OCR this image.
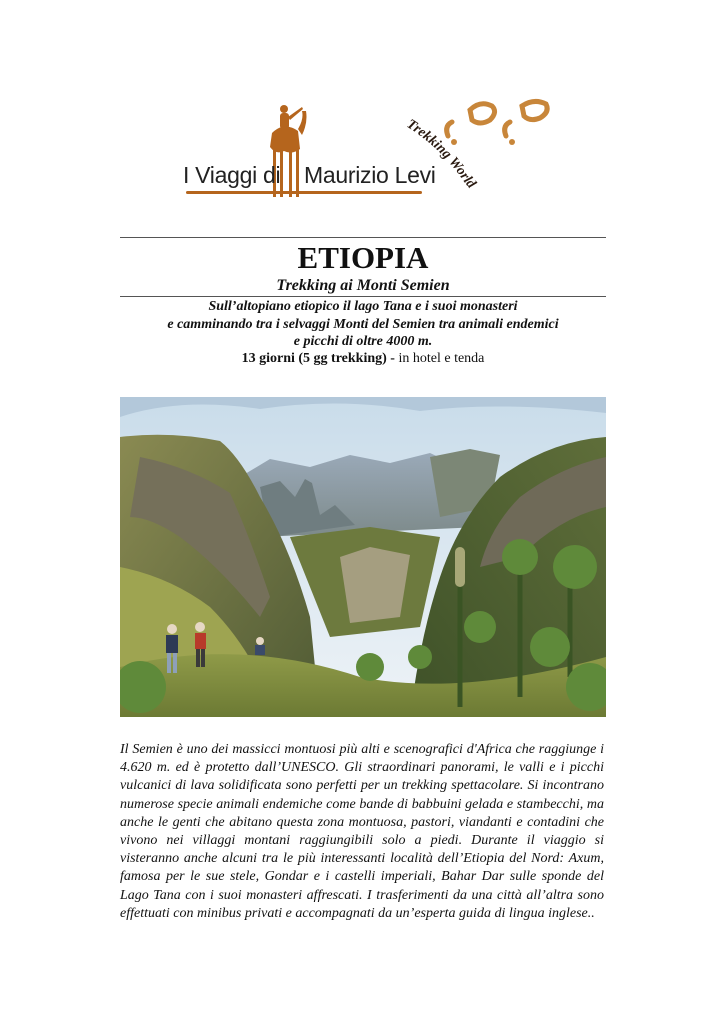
I Viaggi di Maurizio Levi
Trekking World
ETIOPIA
Trekking ai Monti Semien
Sull’altopiano etiopico il lago Tana e i suoi monasteri
e camminando tra i selvaggi Monti del Semien tra animali endemici
e picchi di oltre 4000 m.
13 giorni (5 gg trekking) - in hotel e tenda
Il Semien è uno dei massicci montuosi più alti e scenografici d'Africa che raggiunge i 4.620 m. ed è protetto dall’UNESCO. Gli straordinari panorami, le valli e i picchi vulcanici di lava solidificata sono perfetti per un trekking spettacolare. Si incontrano numerose specie animali endemiche come bande di babbuini gelada e stambecchi, ma anche le genti che abitano questa zona montuosa, pastori, viandanti e contadini che vivono nei villaggi montani raggiungibili solo a piedi. Durante il viaggio si visteranno anche alcuni tra le più interessanti località dell’Etiopia del Nord: Axum, famosa per le sue stele, Gondar e i castelli imperiali, Bahar Dar sulle sponde del Lago Tana con i suoi monasteri affrescati. I trasferimenti da una città all’altra sono effettuati con minibus privati e accompagnati da un’esperta guida di lingua inglese..
